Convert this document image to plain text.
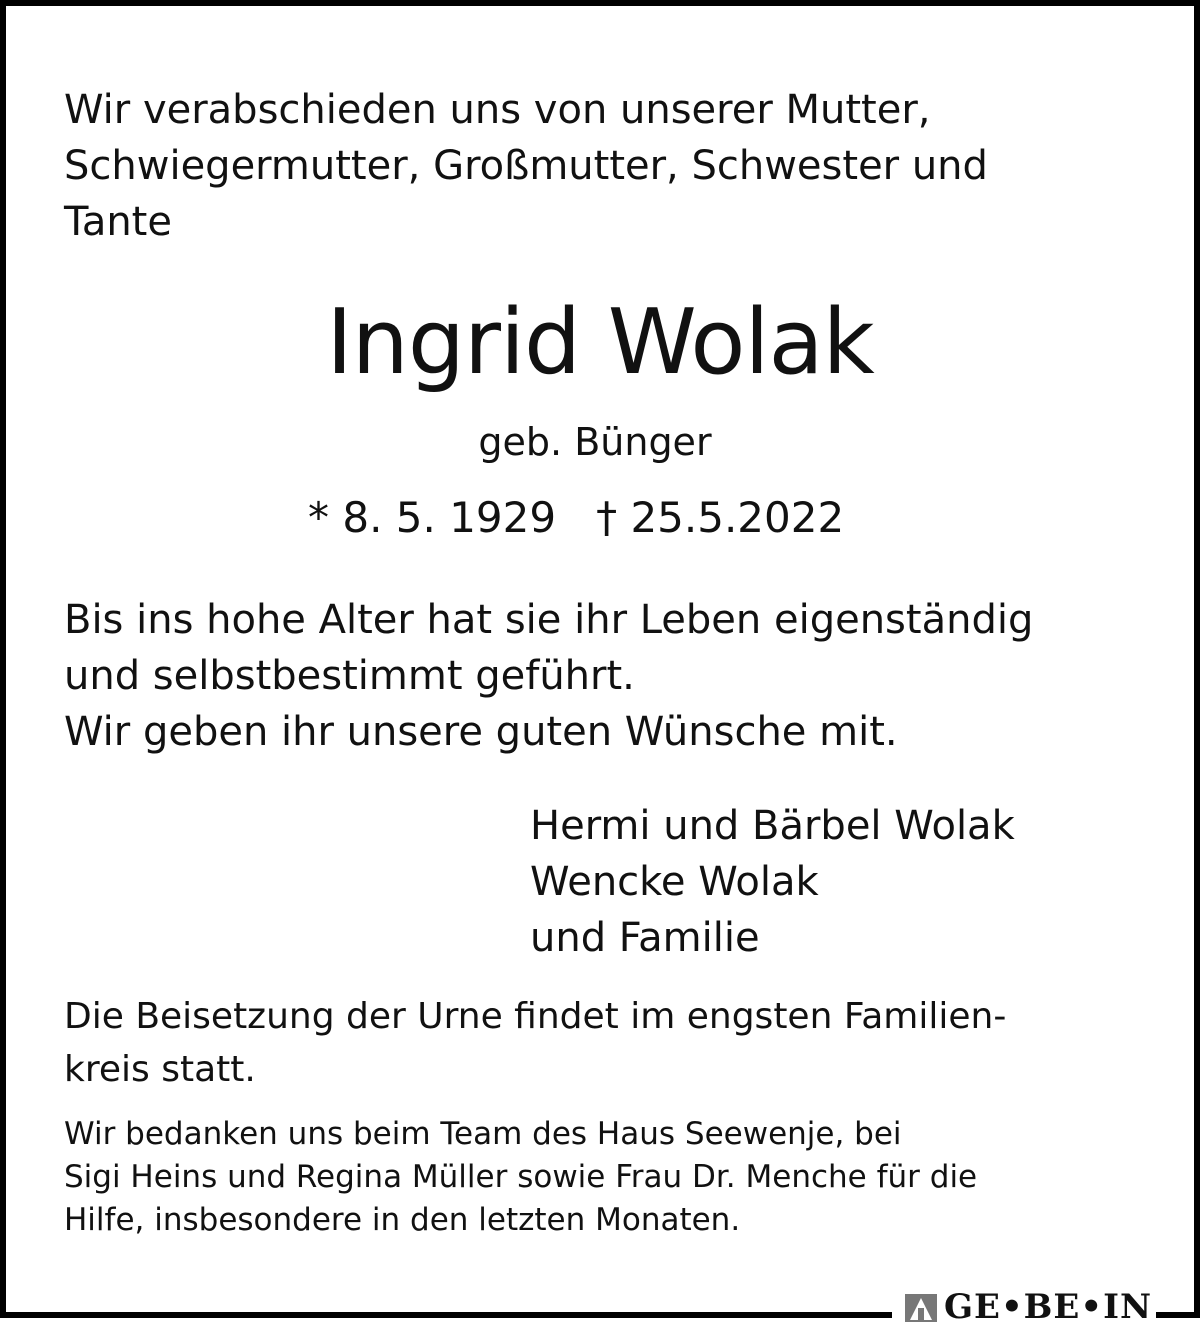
Wir verabschieden uns von unserer Mutter,
Schwiegermutter, Großmutter, Schwester und
Tante
Ingrid Wolak
geb. Bünger
* 8. 5. 1929 † 25.5.2022
Bis ins hohe Alter hat sie ihr Leben eigenständig
und selbstbestimmt geführt.
Wir geben ihr unsere guten Wünsche mit.
Hermi und Bärbel Wolak
Wencke Wolak
und Familie
Die Beisetzung der Urne findet im engsten Familien-
kreis statt.
Wir bedanken uns beim Team des Haus Seewenje, bei
Sigi Heins und Regina Müller sowie Frau Dr. Menche für die
Hilfe, insbesondere in den letzten Monaten.
GE•BE•IN
